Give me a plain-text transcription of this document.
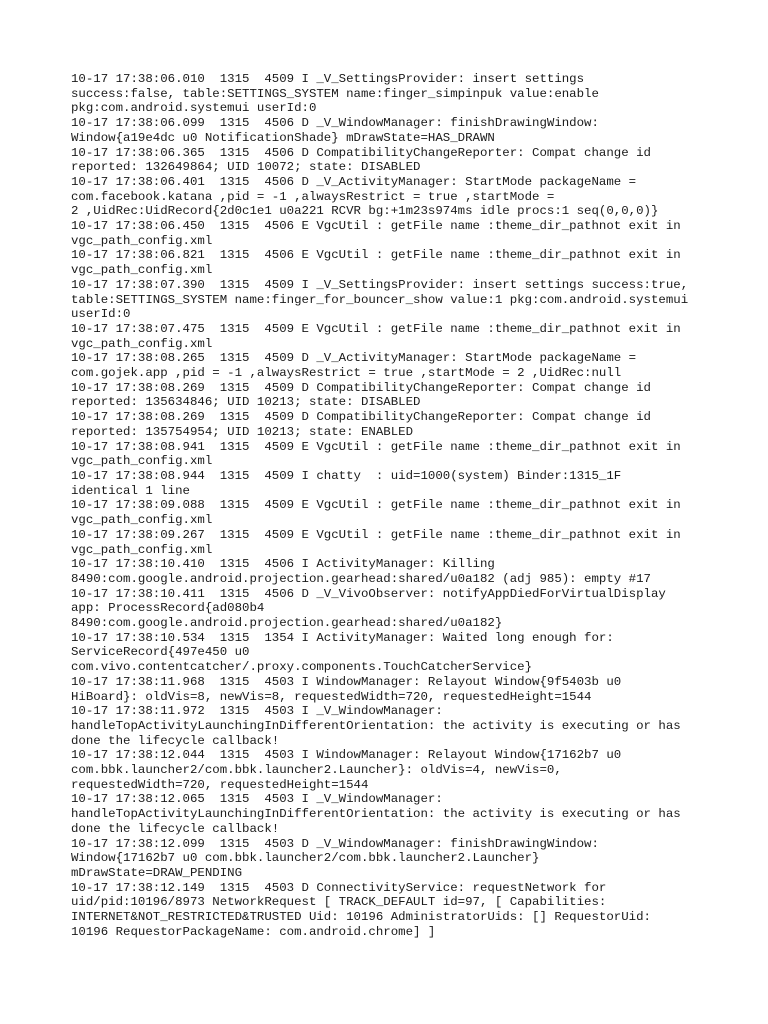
10-17 17:38:06.010  1315  4509 I _V_SettingsProvider: insert settings
success:false, table:SETTINGS_SYSTEM name:finger_simpinpuk value:enable
pkg:com.android.systemui userId:0
10-17 17:38:06.099  1315  4506 D _V_WindowManager: finishDrawingWindow:
Window{a19e4dc u0 NotificationShade} mDrawState=HAS_DRAWN
10-17 17:38:06.365  1315  4506 D CompatibilityChangeReporter: Compat change id
reported: 132649864; UID 10072; state: DISABLED
10-17 17:38:06.401  1315  4506 D _V_ActivityManager: StartMode packageName =
com.facebook.katana ,pid = -1 ,alwaysRestrict = true ,startMode =
2 ,UidRec:UidRecord{2d0c1e1 u0a221 RCVR bg:+1m23s974ms idle procs:1 seq(0,0,0)}
10-17 17:38:06.450  1315  4506 E VgcUtil : getFile name :theme_dir_pathnot exit in
vgc_path_config.xml
10-17 17:38:06.821  1315  4506 E VgcUtil : getFile name :theme_dir_pathnot exit in
vgc_path_config.xml
10-17 17:38:07.390  1315  4509 I _V_SettingsProvider: insert settings success:true,
table:SETTINGS_SYSTEM name:finger_for_bouncer_show value:1 pkg:com.android.systemui
userId:0
10-17 17:38:07.475  1315  4509 E VgcUtil : getFile name :theme_dir_pathnot exit in
vgc_path_config.xml
10-17 17:38:08.265  1315  4509 D _V_ActivityManager: StartMode packageName =
com.gojek.app ,pid = -1 ,alwaysRestrict = true ,startMode = 2 ,UidRec:null
10-17 17:38:08.269  1315  4509 D CompatibilityChangeReporter: Compat change id
reported: 135634846; UID 10213; state: DISABLED
10-17 17:38:08.269  1315  4509 D CompatibilityChangeReporter: Compat change id
reported: 135754954; UID 10213; state: ENABLED
10-17 17:38:08.941  1315  4509 E VgcUtil : getFile name :theme_dir_pathnot exit in
vgc_path_config.xml
10-17 17:38:08.944  1315  4509 I chatty  : uid=1000(system) Binder:1315_1F
identical 1 line
10-17 17:38:09.088  1315  4509 E VgcUtil : getFile name :theme_dir_pathnot exit in
vgc_path_config.xml
10-17 17:38:09.267  1315  4509 E VgcUtil : getFile name :theme_dir_pathnot exit in
vgc_path_config.xml
10-17 17:38:10.410  1315  4506 I ActivityManager: Killing
8490:com.google.android.projection.gearhead:shared/u0a182 (adj 985): empty #17
10-17 17:38:10.411  1315  4506 D _V_VivoObserver: notifyAppDiedForVirtualDisplay
app: ProcessRecord{ad080b4
8490:com.google.android.projection.gearhead:shared/u0a182}
10-17 17:38:10.534  1315  1354 I ActivityManager: Waited long enough for:
ServiceRecord{497e450 u0
com.vivo.contentcatcher/.proxy.components.TouchCatcherService}
10-17 17:38:11.968  1315  4503 I WindowManager: Relayout Window{9f5403b u0
HiBoard}: oldVis=8, newVis=8, requestedWidth=720, requestedHeight=1544
10-17 17:38:11.972  1315  4503 I _V_WindowManager:
handleTopActivityLaunchingInDifferentOrientation: the activity is executing or has
done the lifecycle callback!
10-17 17:38:12.044  1315  4503 I WindowManager: Relayout Window{17162b7 u0
com.bbk.launcher2/com.bbk.launcher2.Launcher}: oldVis=4, newVis=0,
requestedWidth=720, requestedHeight=1544
10-17 17:38:12.065  1315  4503 I _V_WindowManager:
handleTopActivityLaunchingInDifferentOrientation: the activity is executing or has
done the lifecycle callback!
10-17 17:38:12.099  1315  4503 D _V_WindowManager: finishDrawingWindow:
Window{17162b7 u0 com.bbk.launcher2/com.bbk.launcher2.Launcher}
mDrawState=DRAW_PENDING
10-17 17:38:12.149  1315  4503 D ConnectivityService: requestNetwork for
uid/pid:10196/8973 NetworkRequest [ TRACK_DEFAULT id=97, [ Capabilities:
INTERNET&NOT_RESTRICTED&TRUSTED Uid: 10196 AdministratorUids: [] RequestorUid:
10196 RequestorPackageName: com.android.chrome] ]
